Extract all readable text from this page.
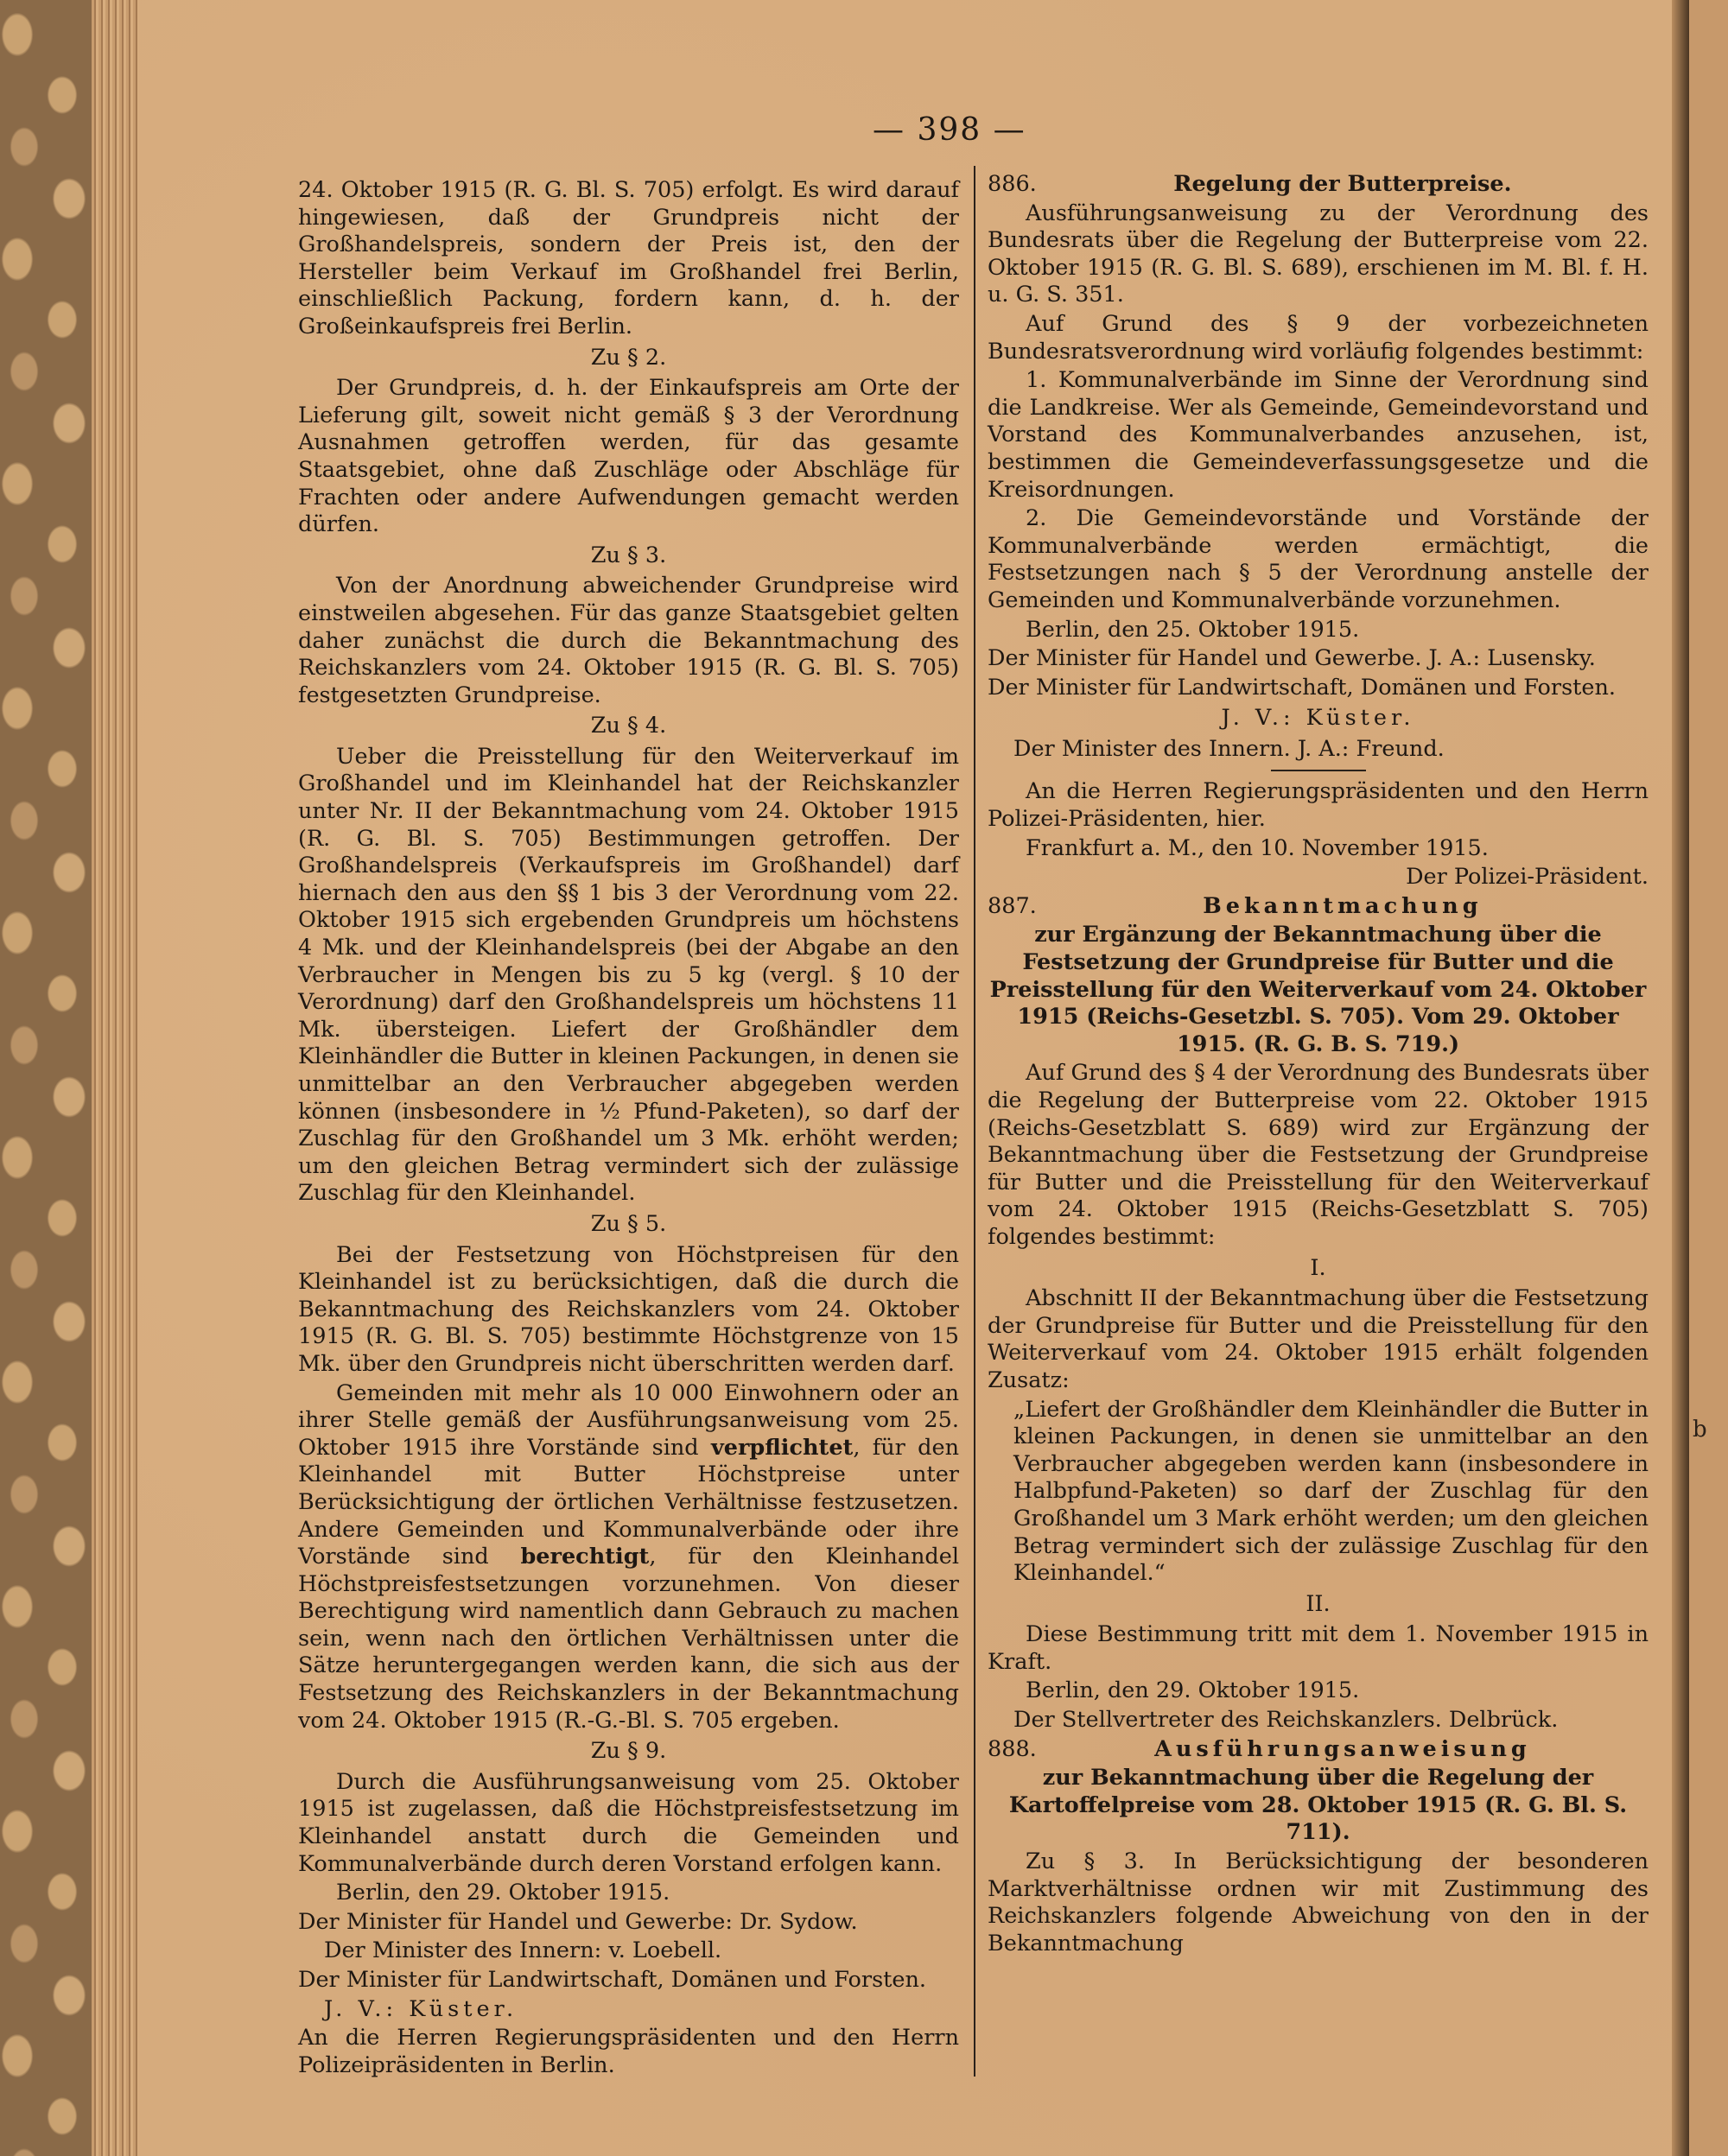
b
— 398 —

24. Oktober 1915 (R. G. Bl. S. 705) erfolgt. Es wird darauf hingewiesen, daß der Grundpreis nicht der Großhandelspreis, sondern der Preis ist, den der Hersteller beim Verkauf im Großhandel frei Berlin, einschließlich Packung, fordern kann, d. h. der Großeinkaufspreis frei Berlin.

Zu § 2.

Der Grundpreis, d. h. der Einkaufspreis am Orte der Lieferung gilt, soweit nicht gemäß § 3 der Verordnung Ausnahmen getroffen werden, für das gesamte Staatsgebiet, ohne daß Zuschläge oder Abschläge für Frachten oder andere Aufwendungen gemacht werden dürfen.

Zu § 3.

Von der Anordnung abweichender Grundpreise wird einstweilen abgesehen. Für das ganze Staatsgebiet gelten daher zunächst die durch die Bekanntmachung des Reichskanzlers vom 24. Oktober 1915 (R. G. Bl. S. 705) festgesetzten Grundpreise.

Zu § 4.

Ueber die Preisstellung für den Weiterverkauf im Großhandel und im Kleinhandel hat der Reichskanzler unter Nr. II der Bekanntmachung vom 24. Oktober 1915 (R. G. Bl. S. 705) Bestimmungen getroffen. Der Großhandelspreis (Verkaufspreis im Großhandel) darf hiernach den aus den §§ 1 bis 3 der Verordnung vom 22. Oktober 1915 sich ergebenden Grundpreis um höchstens 4 Mk. und der Kleinhandelspreis (bei der Abgabe an den Verbraucher in Mengen bis zu 5 kg (vergl. § 10 der Verordnung) darf den Großhandelspreis um höchstens 11 Mk. übersteigen. Liefert der Großhändler dem Kleinhändler die Butter in kleinen Packungen, in denen sie unmittelbar an den Verbraucher abgegeben werden können (insbesondere in ½ Pfund-Paketen), so darf der Zuschlag für den Großhandel um 3 Mk. erhöht werden; um den gleichen Betrag vermindert sich der zulässige Zuschlag für den Kleinhandel.

Zu § 5.

Bei der Festsetzung von Höchstpreisen für den Kleinhandel ist zu berücksichtigen, daß die durch die Bekanntmachung des Reichskanzlers vom 24. Oktober 1915 (R. G. Bl. S. 705) bestimmte Höchstgrenze von 15 Mk. über den Grundpreis nicht überschritten werden darf.

Gemeinden mit mehr als 10 000 Einwohnern oder an ihrer Stelle gemäß der Ausführungsanweisung vom 25. Oktober 1915 ihre Vorstände sind verpflichtet, für den Kleinhandel mit Butter Höchstpreise unter Berücksichtigung der örtlichen Verhältnisse festzusetzen. Andere Gemeinden und Kommunalverbände oder ihre Vorstände sind berechtigt, für den Kleinhandel Höchstpreisfestsetzungen vorzunehmen. Von dieser Berechtigung wird namentlich dann Gebrauch zu machen sein, wenn nach den örtlichen Verhältnissen unter die Sätze heruntergegangen werden kann, die sich aus der Festsetzung des Reichskanzlers in der Bekanntmachung vom 24. Oktober 1915 (R.-G.-Bl. S. 705 ergeben.

Zu § 9.

Durch die Ausführungsanweisung vom 25. Oktober 1915 ist zugelassen, daß die Höchstpreisfestsetzung im Kleinhandel anstatt durch die Gemeinden und Kommunalverbände durch deren Vorstand erfolgen kann.

Berlin, den 29. Oktober 1915.

Der Minister für Handel und Gewerbe: Dr. Sydow.

Der Minister des Innern: v. Loebell.

Der Minister für Landwirtschaft, Domänen und Forsten.

J. V.: Küster.

An die Herren Regierungspräsidenten und den Herrn Polizeipräsidenten in Berlin.

886.	Regelung der Butterpreise.

Ausführungsanweisung zu der Verordnung des Bundesrats über die Regelung der Butterpreise vom 22. Oktober 1915 (R. G. Bl. S. 689), erschienen im M. Bl. f. H. u. G. S. 351.

Auf Grund des § 9 der vorbezeichneten Bundesratsverordnung wird vorläufig folgendes bestimmt:

1. Kommunalverbände im Sinne der Verordnung sind die Landkreise. Wer als Gemeinde, Gemeindevorstand und Vorstand des Kommunalverbandes anzusehen, ist, bestimmen die Gemeindeverfassungsgesetze und die Kreisordnungen.

2. Die Gemeindevorstände und Vorstände der Kommunalverbände werden ermächtigt, die Festsetzungen nach § 5 der Verordnung anstelle der Gemeinden und Kommunalverbände vorzunehmen.

Berlin, den 25. Oktober 1915.

Der Minister für Handel und Gewerbe. J. A.: Lusensky.

Der Minister für Landwirtschaft, Domänen und Forsten.

J. V.: Küster.

Der Minister des Innern. J. A.: Freund.

An die Herren Regierungspräsidenten und den Herrn Polizei-Präsidenten, hier.

Frankfurt a. M., den 10. November 1915.

Der Polizei-Präsident.

887.	Bekanntmachung

zur Ergänzung der Bekanntmachung über die Festsetzung der Grundpreise für Butter und die Preisstellung für den Weiterverkauf vom 24. Oktober 1915 (Reichs-Gesetzbl. S. 705). Vom 29. Oktober 1915. (R. G. B. S. 719.)

Auf Grund des § 4 der Verordnung des Bundesrats über die Regelung der Butterpreise vom 22. Oktober 1915 (Reichs-Gesetzblatt S. 689) wird zur Ergänzung der Bekanntmachung über die Festsetzung der Grundpreise für Butter und die Preisstellung für den Weiterverkauf vom 24. Oktober 1915 (Reichs-Gesetzblatt S. 705) folgendes bestimmt:

I.

Abschnitt II der Bekanntmachung über die Festsetzung der Grundpreise für Butter und die Preisstellung für den Weiterverkauf vom 24. Oktober 1915 erhält folgenden Zusatz:

„Liefert der Großhändler dem Kleinhändler die Butter in kleinen Packungen, in denen sie unmittelbar an den Verbraucher abgegeben werden kann (insbesondere in Halbpfund-Paketen) so darf der Zuschlag für den Großhandel um 3 Mark erhöht werden; um den gleichen Betrag vermindert sich der zulässige Zuschlag für den Kleinhandel.“

II.

Diese Bestimmung tritt mit dem 1. November 1915 in Kraft.

Berlin, den 29. Oktober 1915.

Der Stellvertreter des Reichskanzlers. Delbrück.

888.	Ausführungsanweisung

zur Bekanntmachung über die Regelung der Kartoffelpreise vom 28. Oktober 1915 (R. G. Bl. S. 711).

Zu § 3. In Berücksichtigung der besonderen Marktverhältnisse ordnen wir mit Zustimmung des Reichskanzlers folgende Abweichung von den in der Bekanntmachung
